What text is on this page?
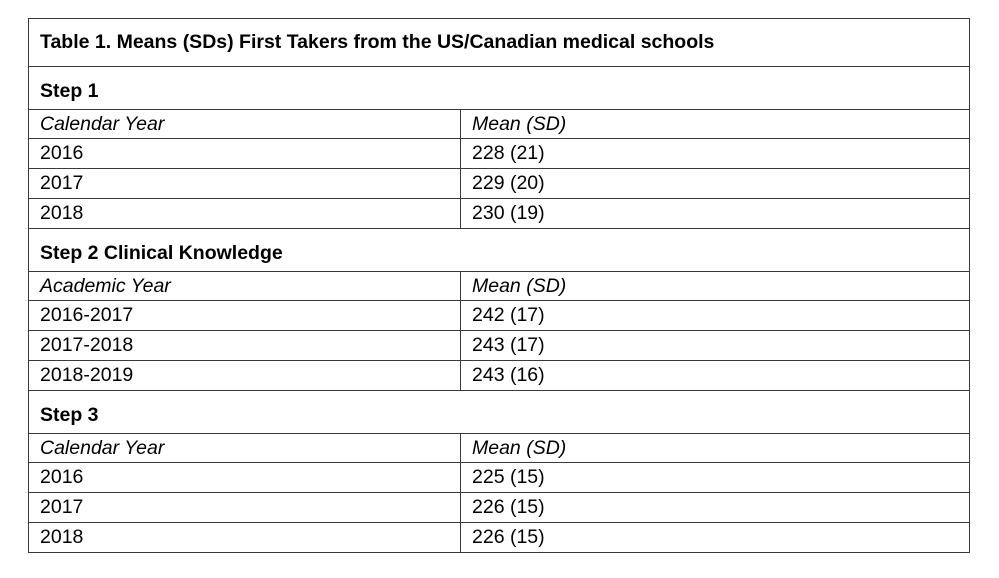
Table 1. Means (SDs) First Takers from the US/Canadian medical schools	
Step 1	
Calendar Year	Mean (SD)
2016	228 (21)
2017	229 (20)
2018	230 (19)
Step 2 Clinical Knowledge	
Academic Year	Mean (SD)
2016-2017	242 (17)
2017-2018	243 (17)
2018-2019	243 (16)
Step 3	
Calendar Year	Mean (SD)
2016	225 (15)
2017	226 (15)
2018	226 (15)
